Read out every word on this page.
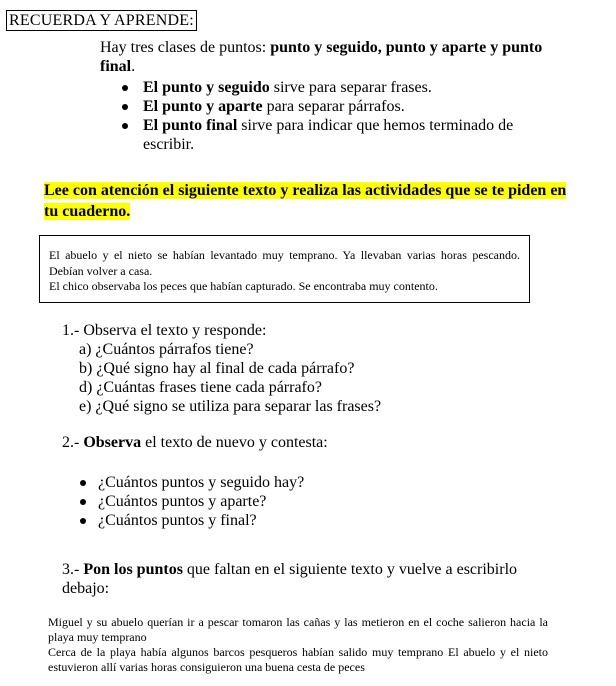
RECUERDA Y APRENDE:
Hay tres clases de puntos: punto y seguido, punto y aparte y punto final.
El punto y seguido sirve para separar frases.
El punto y aparte para separar párrafos.
El punto final sirve para indicar que hemos terminado de escribir.
Lee con atención el siguiente texto y realiza las actividades que se te piden en tu cuaderno.

El abuelo y el nieto se habían levantado muy temprano. Ya llevaban varias horas pescando. Debían volver a casa.

El chico observaba los peces que habían capturado. Se encontraba muy contento.

1.- Observa el texto y responde:
a) ¿Cuántos párrafos tiene?
b) ¿Qué signo hay al final de cada párrafo?
d) ¿Cuántas frases tiene cada párrafo?
e) ¿Qué signo se utiliza para separar las frases?
2.- Observa el texto de nuevo y contesta:
¿Cuántos puntos y seguido hay?
¿Cuántos puntos y aparte?
¿Cuántos puntos y final?
3.- Pon los puntos que faltan en el siguiente texto y vuelve a escribirlo debajo:

Miguel y su abuelo querían ir a pescar tomaron las cañas y las metieron en el coche salieron hacia la playa muy temprano

Cerca de la playa había algunos barcos pesqueros habían salido muy temprano El abuelo y el nieto estuvieron allí varias horas consiguieron una buena cesta de peces
